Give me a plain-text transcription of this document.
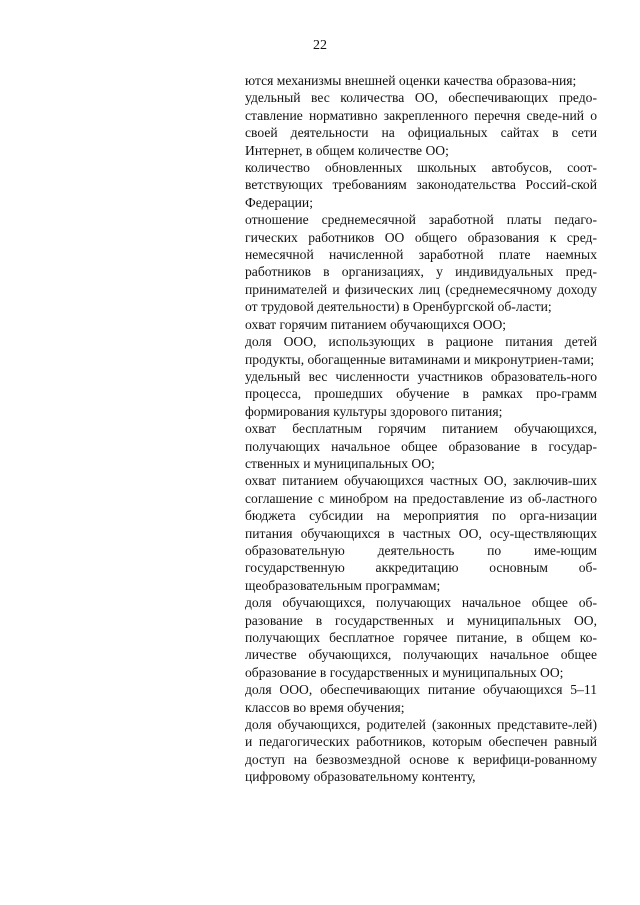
22

ются механизмы внешней оценки качества образова-ния;

удельный вес количества ОО, обеспечивающих предо-ставление нормативно закрепленного перечня сведе-ний о своей деятельности на официальных сайтах в сети Интернет, в общем количестве ОО;

количество обновленных школьных автобусов, соот-ветствующих требованиям законодательства Россий-ской Федерации;

отношение среднемесячной заработной платы педаго-гических работников ОО общего образования к сред-немесячной начисленной заработной плате наемных работников в организациях, у индивидуальных пред-принимателей и физических лиц (среднемесячному доходу от трудовой деятельности) в Оренбургской об-ласти;

охват горячим питанием обучающихся ООО;

доля ООО, использующих в рационе питания детей продукты, обогащенные витаминами и микронутриен-тами;

удельный вес численности участников образователь-ного процесса, прошедших обучение в рамках про-грамм формирования культуры здорового питания;

охват бесплатным горячим питанием обучающихся, получающих начальное общее образование в государ-ственных и муниципальных ОО;

охват питанием обучающихся частных ОО, заключив-ших соглашение с минобром на предоставление из об-ластного бюджета субсидии на мероприятия по орга-низации питания обучающихся в частных ОО, осу-ществляющих образовательную деятельность по име-ющим государственную аккредитацию основным об-щеобразовательным программам;

доля обучающихся, получающих начальное общее об-разование в государственных и муниципальных ОО, получающих бесплатное горячее питание, в общем ко-личестве обучающихся, получающих начальное общее образование в государственных и муниципальных ОО;

доля ООО, обеспечивающих питание обучающихся 5–11 классов во время обучения;

доля обучающихся, родителей (законных представите-лей) и педагогических работников, которым обеспечен равный доступ на безвозмездной основе к верифици-рованному цифровому образовательному контенту,
